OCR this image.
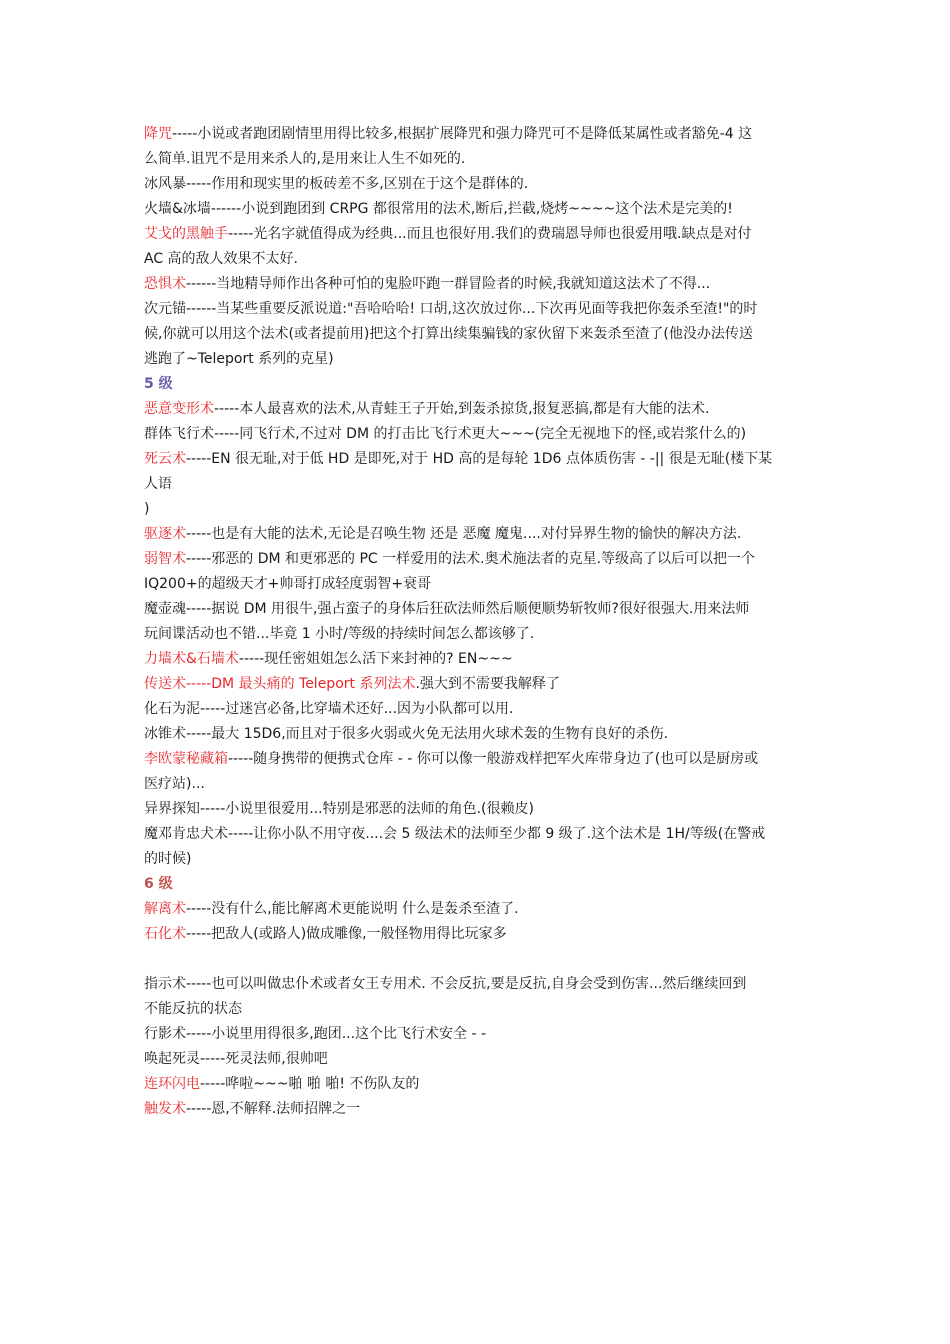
降咒-----小说或者跑团剧情里用得比较多,根据扩展降咒和强力降咒可不是降低某属性或者豁免-4 这

么简单.诅咒不是用来杀人的,是用来让人生不如死的.

冰风暴-----作用和现实里的板砖差不多,区别在于这个是群体的.

火墙&冰墙------小说到跑团到 CRPG 都很常用的法术,断后,拦截,烧烤~~~~这个法术是完美的!

艾戈的黑触手-----光名字就值得成为经典...而且也很好用.我们的费瑞恩导师也很爱用哦.缺点是对付

AC 高的敌人效果不太好.

恐惧术------当地精导师作出各种可怕的鬼脸吓跑一群冒险者的时候,我就知道这法术了不得...

次元锚------当某些重要反派说道:"吾哈哈哈! 口胡,这次放过你...下次再见面等我把你轰杀至渣!"的时

候,你就可以用这个法术(或者提前用)把这个打算出续集骗钱的家伙留下来轰杀至渣了(他没办法传送

逃跑了~Teleport 系列的克星)

5 级

恶意变形术-----本人最喜欢的法术,从青蛙王子开始,到轰杀掠货,报复恶搞,都是有大能的法术.

群体飞行术-----同飞行术,不过对 DM 的打击比飞行术更大~~~(完全无视地下的怪,或岩浆什么的)

死云术-----EN 很无耻,对于低 HD 是即死,对于 HD 高的是每轮 1D6 点体质伤害 - -|| 很是无耻(楼下某

人语

)

驱逐术-----也是有大能的法术,无论是召唤生物 还是 恶魔 魔鬼....对付异界生物的愉快的解决方法.

弱智术-----邪恶的 DM 和更邪恶的 PC 一样爱用的法术.奥术施法者的克星.等级高了以后可以把一个

IQ200+的超级天才+帅哥打成轻度弱智+衰哥

魔壶魂-----据说 DM 用很牛,强占蛮子的身体后狂砍法师然后顺便顺势斩牧师?很好很强大.用来法师

玩间谍活动也不错...毕竟 1 小时/等级的持续时间怎么都该够了.

力墙术&石墙术-----现任密姐姐怎么活下来封神的? EN~~~

传送术-----DM 最头痛的 Teleport 系列法术.强大到不需要我解释了

化石为泥-----过迷宫必备,比穿墙术还好...因为小队都可以用.

冰锥术-----最大 15D6,而且对于很多火弱或火免无法用火球术轰的生物有良好的杀伤.

李欧蒙秘藏箱-----随身携带的便携式仓库 - - 你可以像一般游戏样把军火库带身边了(也可以是厨房或

医疗站)...

异界探知-----小说里很爱用...特别是邪恶的法师的角色.(很赖皮)

魔邓肯忠犬术-----让你小队不用守夜....会 5 级法术的法师至少都 9 级了.这个法术是 1H/等级(在警戒

的时候)

6 级

解离术-----没有什么,能比解离术更能说明 什么是轰杀至渣了.

石化术-----把敌人(或路人)做成雕像,一般怪物用得比玩家多

指示术-----也可以叫做忠仆术或者女王专用术. 不会反抗,要是反抗,自身会受到伤害...然后继续回到

不能反抗的状态

行影术-----小说里用得很多,跑团...这个比飞行术安全 - -

唤起死灵-----死灵法师,很帅吧

连环闪电-----哗啦~~~啪 啪 啪! 不伤队友的

触发术-----恩,不解释.法师招牌之一
